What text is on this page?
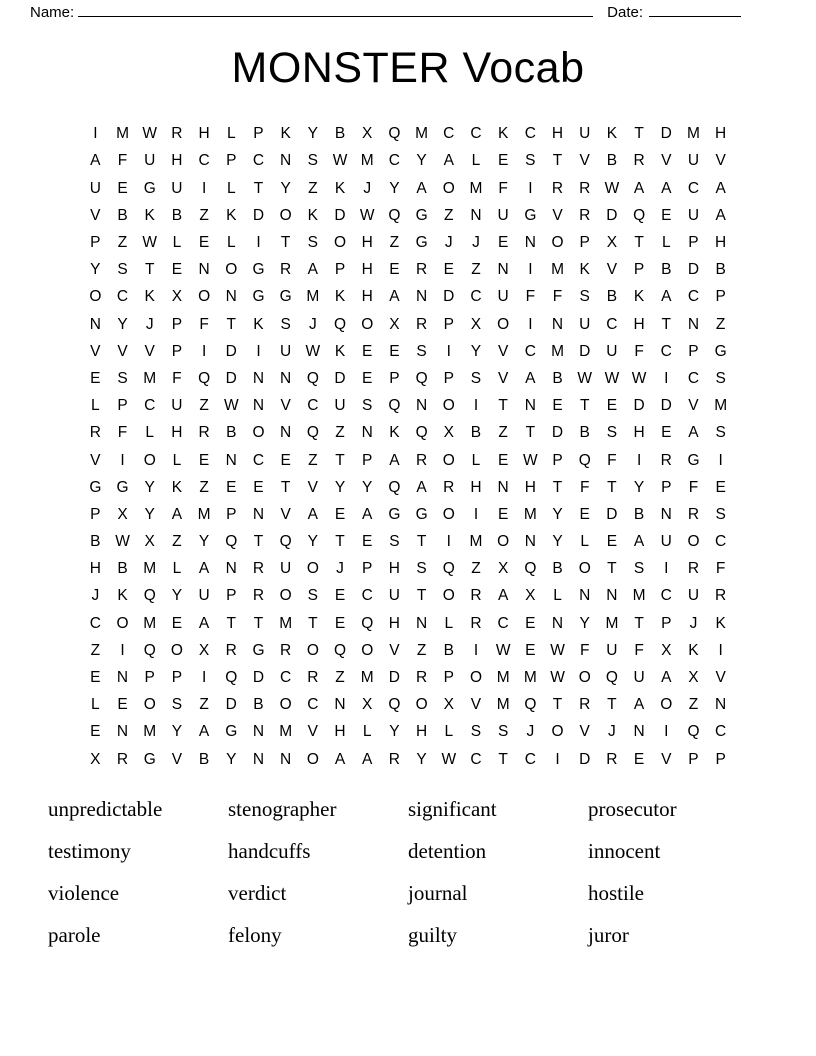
Name:	Date:
MONSTER Vocab
I	M W R	H	L	P	K	Y	B	X	Q M C	C	K	C	H	U	K	T	D M H
A	F	U	H	C	P	C	N	S W M C	Y	A	L	E	S	T	V	B	R	V	U	V
U	E	G	U	I	L	T	Y	Z	K	J	Y	A	O M	F	I	R	R W A	A	C	A
V	B	K	B	Z	K	D	O	K	D W Q G	Z	N	U	G	V	R	D	Q	E	U	A
P	Z W	L	E	L	I	T	S	O	H	Z	G	J	J	E	N	O	P	X	T	L	P	H
Y	S	T	E	N	O G	R	A	P	H	E	R	E	Z	N	I	M	K	V	P	B	D	B
O	C	K	X	O	N	G G M	K	H	A	N	D	C	U	F	F	S	B	K	A	C	P
N	Y	J	P	F	T	K	S	J	Q O	X	R	P	X	O	I	N	U	C	H	T	N	Z
V	V	V	P	I	D	I	U W K	E	E	S	I	Y	V	C M D	U	F	C	P	G
E	S	M	F	Q	D	N	N	Q	D	E	P	Q	P	S	V	A	B W W W	I	C	S
L	P	C	U	Z W N	V	C	U	S	Q	N	O	I	T	N	E	T	E	D	D	V	M
R	F	L	H	R	B	O	N	Q	Z	N	K	Q	X	B	Z	T	D	B	S	H	E	A	S
V	I	O	L	E	N	C	E	Z	T	P	A	R	O	L	E W P	Q	F	I	R	G	I
G G	Y	K	Z	E	E	T	V	Y	Y	Q	A	R	H	N	H	T	F	T	Y	P	F	E
P	X	Y	A	M	P	N	V	A	E	A	G G O	I	E	M	Y	E	D	B	N	R	S
B W X	Z	Y	Q	T	Q	Y	T	E	S	T	I	M O	N	Y	L	E	A	U	O	C
H	B	M	L	A	N	R	U	O	J	P	H	S	Q	Z	X	Q	B	O	T	S	I	R	F
J	K	Q	Y	U	P	R	O	S	E	C	U	T	O	R	A	X	L	N	N M C	U	R
C	O M	E	A	T	T	M	T	E	Q	H	N	L	R	C	E	N	Y	M	T	P	J	K
Z	I	Q O	X	R	G	R	O Q O	V	Z	B	I	W E W F	U	F	X	K	I
E	N	P	P	I	Q	D	C	R	Z	M D	R	P	O M M W O Q	U	A	X	V
L	E	O	S	Z	D	B	O	C	N	X	Q O	X	V	M Q	T	R	T	A	O	Z	N
E	N M	Y	A	G	N M	V	H	L	Y	H	L	S	S	J	O	V	J	N	I	Q	C
X	R	G	V	B	Y	N	N	O	A	A	R	Y W C	T	C	I	D	R	E	V	P	P
unpredictable	stenographer	significant	prosecutor
testimony	handcuffs	detention	innocent
violence	verdict	journal	hostile
parole	felony	guilty	juror
